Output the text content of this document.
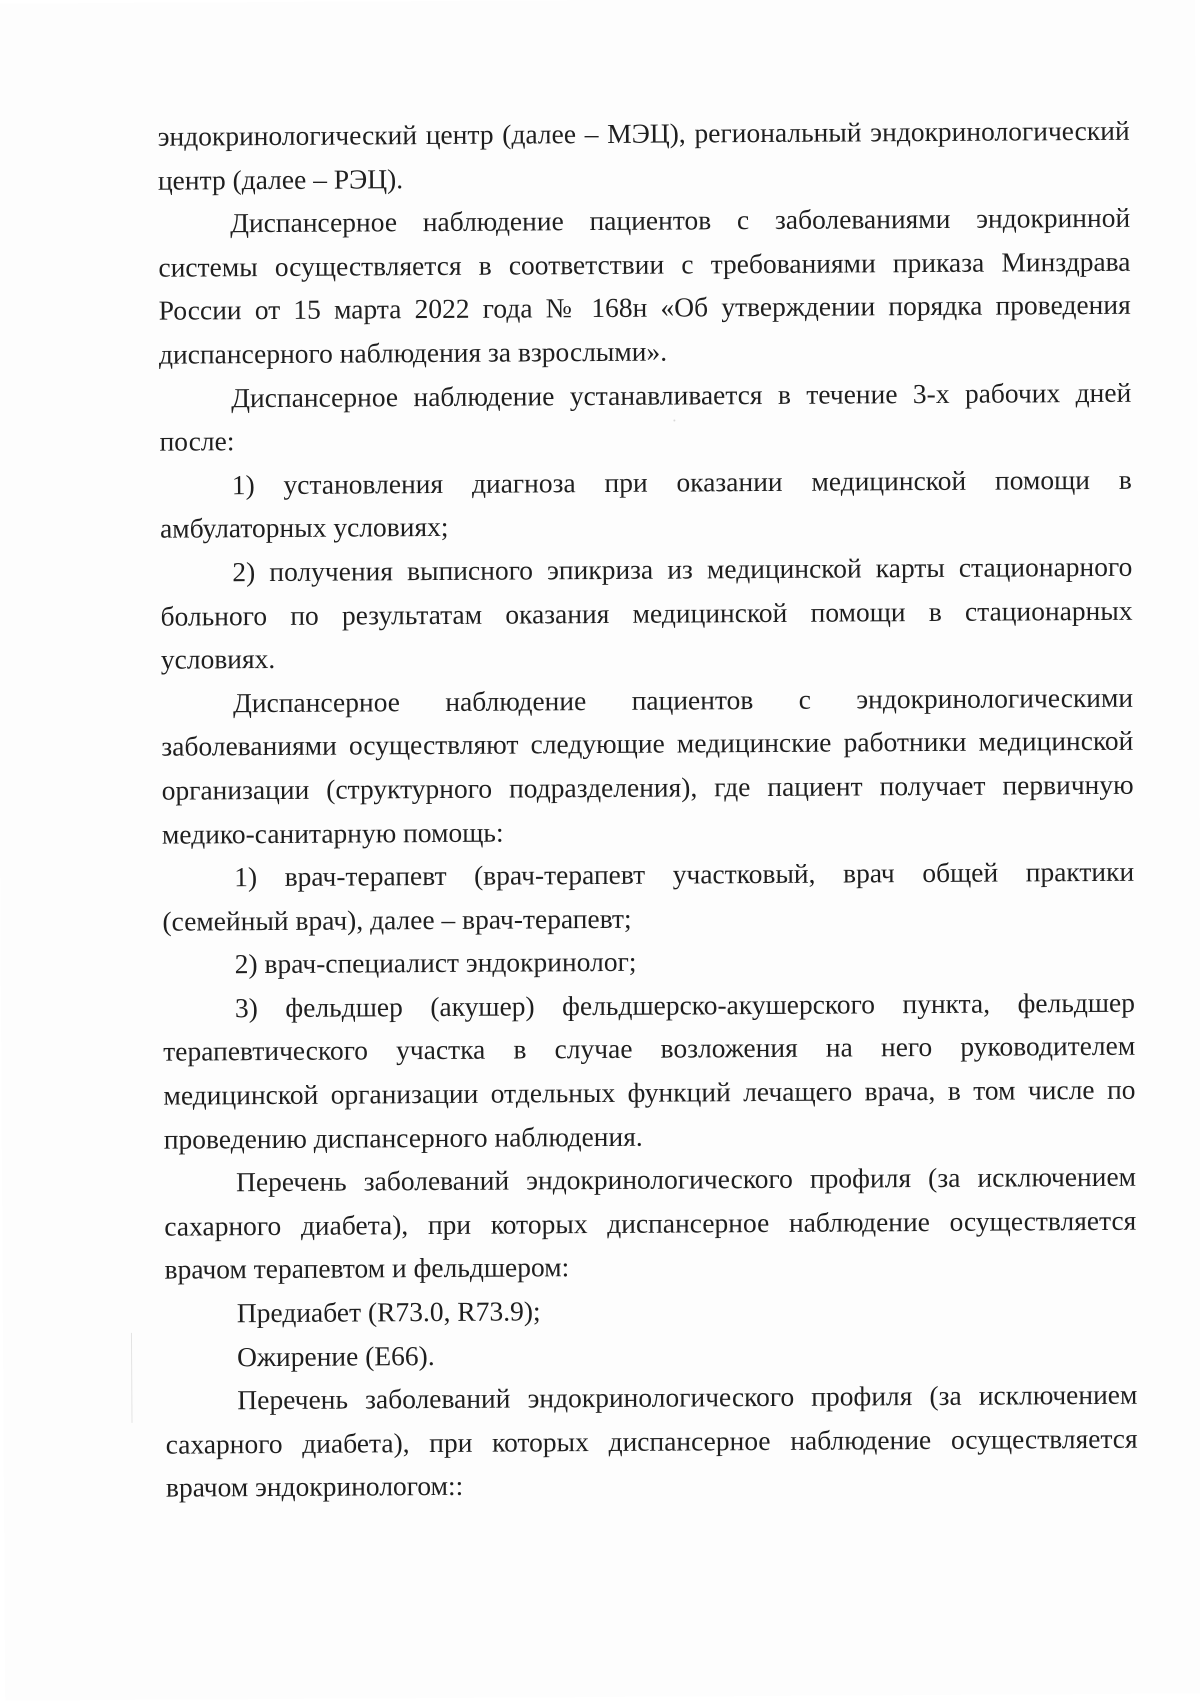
эндокринологический центр (далее – МЭЦ), региональный эндокринологический центр (далее – РЭЦ).

Диспансерное наблюдение пациентов с заболеваниями эндокринной системы осуществляется в соответствии с требованиями приказа Минздрава России от 15 марта 2022 года № 168н «Об утверждении порядка проведения диспансерного наблюдения за взрослыми».

Диспансерное наблюдение устанавливается в течение 3-х рабочих дней после:

1) установления диагноза при оказании медицинской помощи в амбулаторных условиях;

2) получения выписного эпикриза из медицинской карты стационарного больного по результатам оказания медицинской помощи в стационарных условиях.

Диспансерное наблюдение пациентов с эндокринологическими заболеваниями осуществляют следующие медицинские работники медицинской организации (структурного подразделения), где пациент получает первичную медико-санитарную помощь:

1) врач-терапевт (врач-терапевт участковый, врач общей практики (семейный врач), далее – врач-терапевт;

2) врач-специалист эндокринолог;

3) фельдшер (акушер) фельдшерско-акушерского пункта, фельдшер терапевтического участка в случае возложения на него руководителем медицинской организации отдельных функций лечащего врача, в том числе по проведению диспансерного наблюдения.

Перечень заболеваний эндокринологического профиля (за исключением сахарного диабета), при которых диспансерное наблюдение осуществляется врачом терапевтом и фельдшером:

Предиабет (R73.0, R73.9);

Ожирение (E66).

Перечень заболеваний эндокринологического профиля (за исключением сахарного диабета), при которых диспансерное наблюдение осуществляется врачом эндокринологом::
